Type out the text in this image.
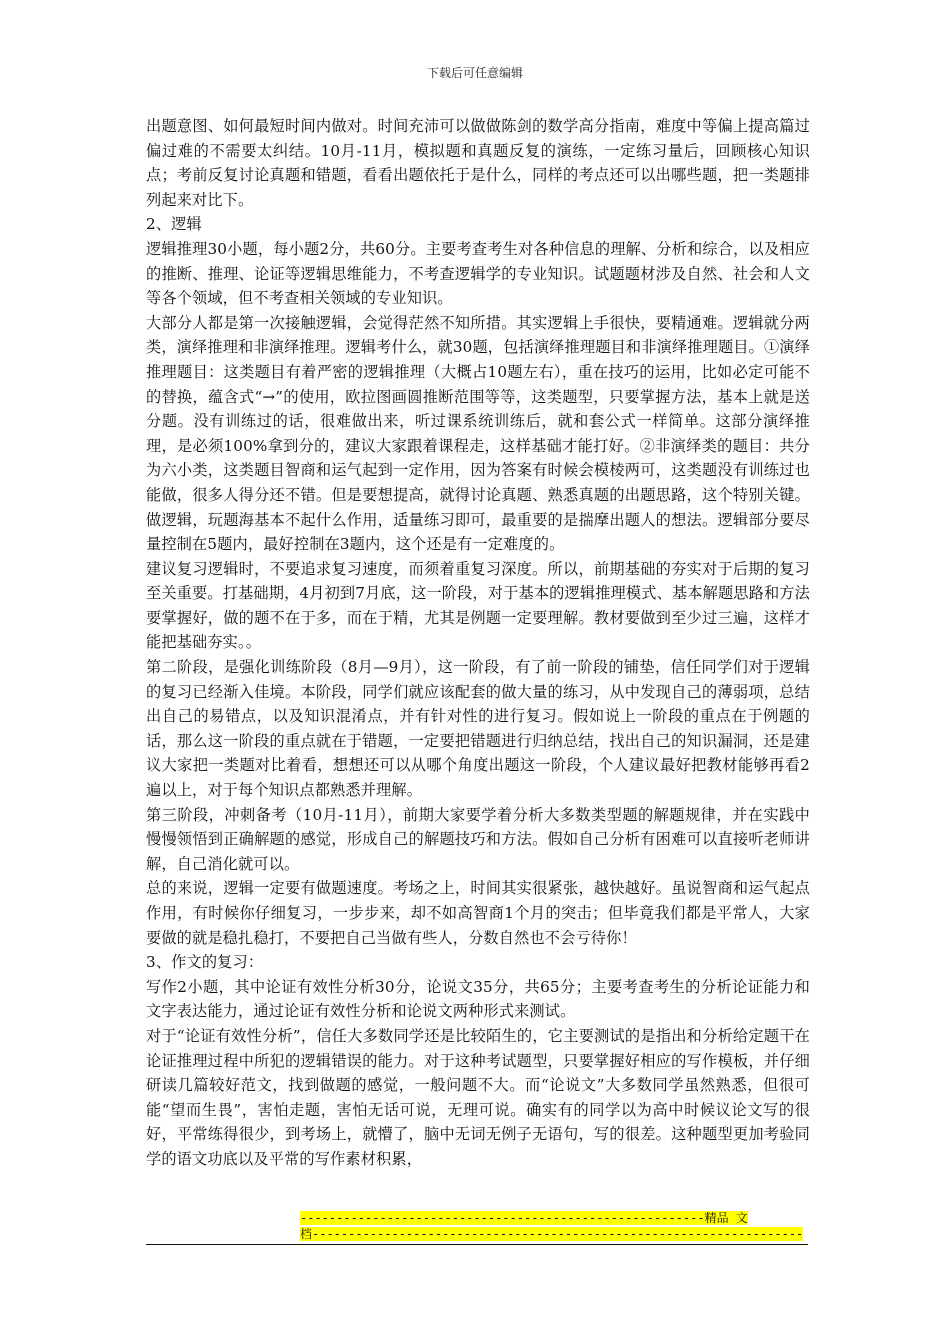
下载后可任意编辑

出题意图、如何最短时间内做对。时间充沛可以做做陈剑的数学高分指南，难度中等偏上提高篇过偏过难的不需要太纠结。10月-11月，模拟题和真题反复的演练，一定练习量后，回顾核心知识点；考前反复讨论真题和错题，看看出题依托于是什么，同样的考点还可以出哪些题，把一类题排列起来对比下。

2、逻辑

逻辑推理30小题，每小题2分，共60分。主要考查考生对各种信息的理解、分析和综合，以及相应的推断、推理、论证等逻辑思维能力，不考查逻辑学的专业知识。试题题材涉及自然、社会和人文等各个领域，但不考查相关领域的专业知识。

大部分人都是第一次接触逻辑，会觉得茫然不知所措。其实逻辑上手很快，要精通难。逻辑就分两类，演绎推理和非演绎推理。逻辑考什么，就30题，包括演绎推理题目和非演绎推理题目。①演绎推理题目：这类题目有着严密的逻辑推理（大概占10题左右），重在技巧的运用，比如必定可能不的替换，蕴含式“→”的使用，欧拉图画圆推断范围等等，这类题型，只要掌握方法，基本上就是送分题。没有训练过的话，很难做出来，听过课系统训练后，就和套公式一样简单。这部分演绎推理，是必须100%拿到分的，建议大家跟着课程走，这样基础才能打好。②非演绎类的题目：共分为六小类，这类题目智商和运气起到一定作用，因为答案有时候会模棱两可，这类题没有训练过也能做，很多人得分还不错。但是要想提高，就得讨论真题、熟悉真题的出题思路，这个特别关键。做逻辑，玩题海基本不起什么作用，适量练习即可，最重要的是揣摩出题人的想法。逻辑部分要尽量控制在5题内，最好控制在3题内，这个还是有一定难度的。

建议复习逻辑时，不要追求复习速度，而须着重复习深度。所以，前期基础的夯实对于后期的复习至关重要。打基础期，4月初到7月底，这一阶段，对于基本的逻辑推理模式、基本解题思路和方法要掌握好，做的题不在于多，而在于精，尤其是例题一定要理解。教材要做到至少过三遍，这样才能把基础夯实。。

第二阶段，是强化训练阶段（8月—9月），这一阶段，有了前一阶段的铺垫，信任同学们对于逻辑的复习已经渐入佳境。本阶段，同学们就应该配套的做大量的练习，从中发现自己的薄弱项，总结出自己的易错点，以及知识混淆点，并有针对性的进行复习。假如说上一阶段的重点在于例题的话，那么这一阶段的重点就在于错题，一定要把错题进行归纳总结，找出自己的知识漏洞，还是建议大家把一类题对比着看，想想还可以从哪个角度出题这一阶段，个人建议最好把教材能够再看2遍以上，对于每个知识点都熟悉并理解。

第三阶段，冲刺备考（10月-11月），前期大家要学着分析大多数类型题的解题规律，并在实践中慢慢领悟到正确解题的感觉，形成自己的解题技巧和方法。假如自己分析有困难可以直接听老师讲解，自己消化就可以。

总的来说，逻辑一定要有做题速度。考场之上，时间其实很紧张，越快越好。虽说智商和运气起点作用，有时候你仔细复习，一步步来，却不如高智商1个月的突击；但毕竟我们都是平常人，大家要做的就是稳扎稳打，不要把自己当做有些人，分数自然也不会亏待你！

3、作文的复习：

写作2小题，其中论证有效性分析30分，论说文35分，共65分；主要考查考生的分析论证能力和文字表达能力，通过论证有效性分析和论说文两种形式来测试。

对于“论证有效性分析”，信任大多数同学还是比较陌生的，它主要测试的是指出和分析给定题干在论证推理过程中所犯的逻辑错误的能力。对于这种考试题型，只要掌握好相应的写作模板，并仔细研读几篇较好范文，找到做题的感觉，一般问题不大。而“论说文”大多数同学虽然熟悉，但很可能“望而生畏”，害怕走题，害怕无话可说，无理可说。确实有的同学以为高中时候议论文写的很好，平常练得很少，到考场上，就懵了，脑中无词无例子无语句，写的很差。这种题型更加考验同学的语文功底以及平常的写作素材积累，

--------------------------------------------------------精品 文
档--------------------------------------------------------------------
